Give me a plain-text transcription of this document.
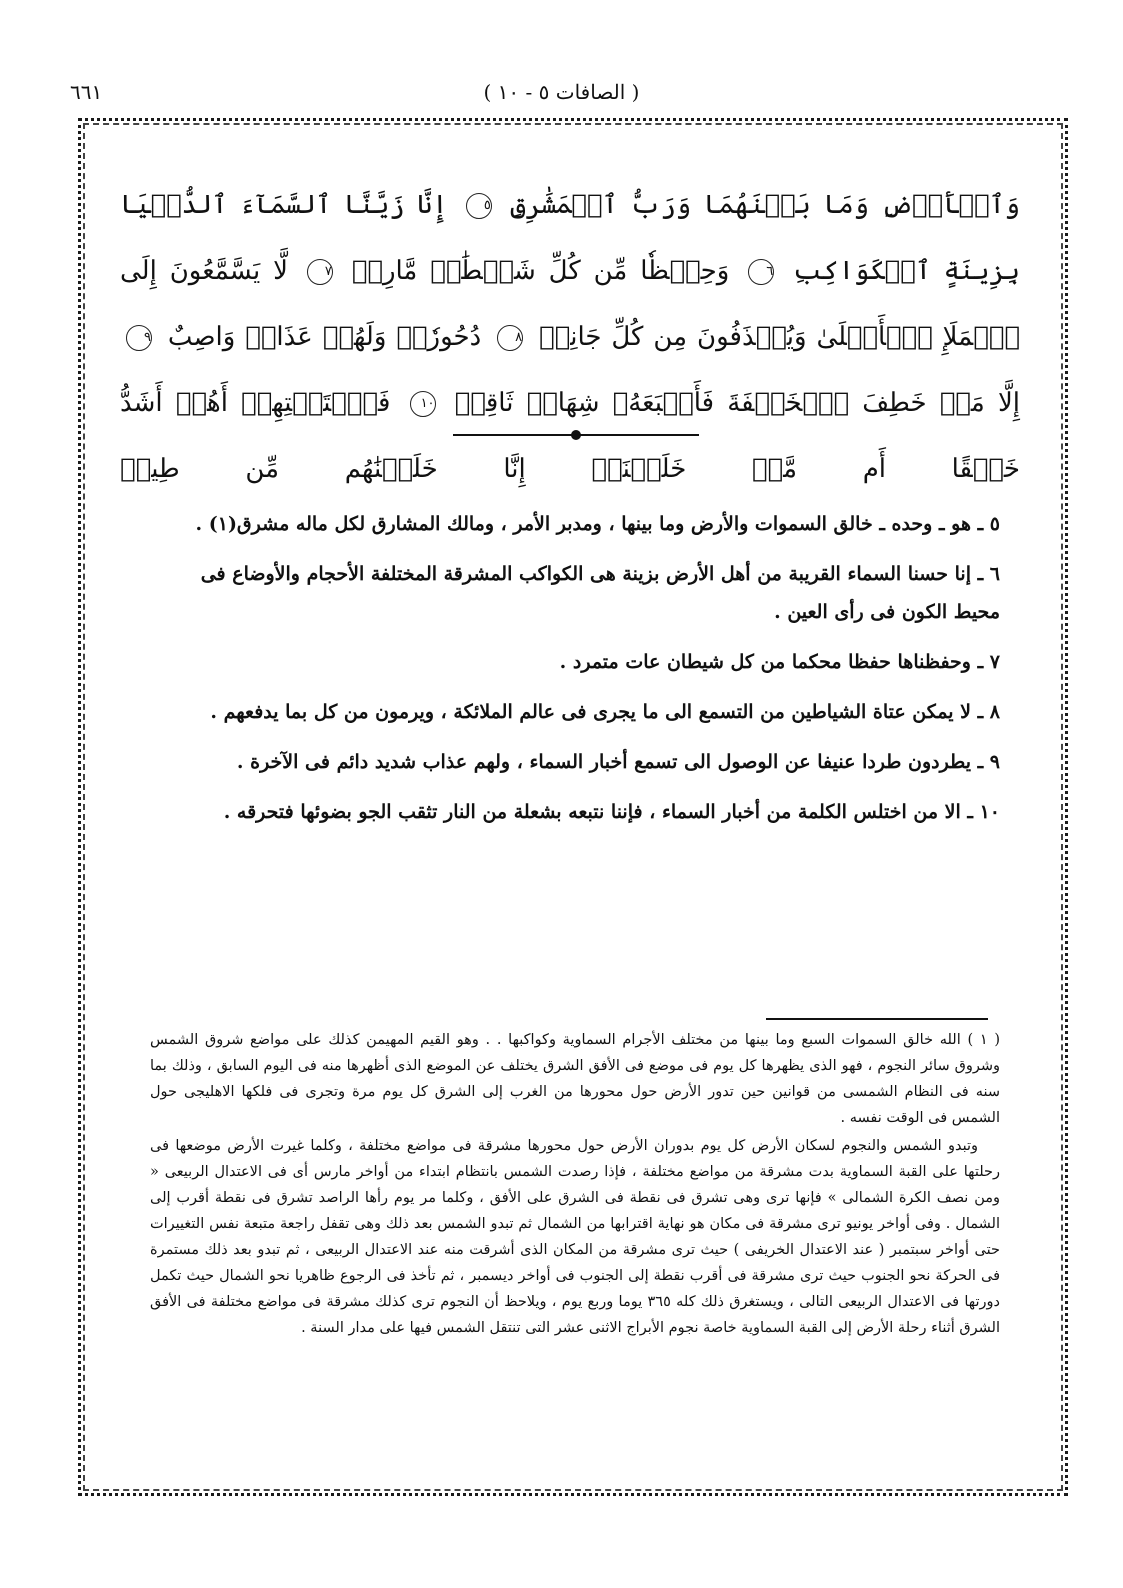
٦٦١	( الصافات ٥ - ١٠ )
وَٱلۡأَرۡضِ وَمَا بَيۡنَهُمَا وَرَبُّ ٱلۡمَشَٰرِقِ ٥ إِنَّا زَيَّنَّا ٱلسَّمَآءَ ٱلدُّنۡيَا بِزِينَةٍ ٱلۡكَوَاكِبِ ٦ وَحِفۡظٗا مِّن كُلِّ شَيۡطَٰنٖ مَّارِدٖ ٧ لَّا يَسَّمَّعُونَ إِلَى ٱلۡمَلَإِ ٱلۡأَعۡلَىٰ وَيُقۡذَفُونَ مِن كُلِّ جَانِبٖ ٨ دُحُورٗاۖ وَلَهُمۡ عَذَابٞ وَاصِبٌ ٩ إِلَّا مَنۡ خَطِفَ ٱلۡخَطۡفَةَ فَأَتۡبَعَهُۥ شِهَابٞ ثَاقِبٞ ١٠ فَٱسۡتَفۡتِهِمۡ أَهُمۡ أَشَدُّ خَلۡقًا أَم مَّنۡ خَلَقۡنَآۚ إِنَّا خَلَقۡنَٰهُم مِّن طِينٖ

٥ ـ هو ـ وحده ـ خالق السموات والأرض وما بينها ، ومدبر الأمر ، ومالك المشارق لكل ماله مشرق(١) .

٦ ـ إنا حسنا السماء القريبة من أهل الأرض بزينة هى الكواكب المشرقة المختلفة الأحجام والأوضاع فى محيط الكون فى رأى العين .

٧ ـ وحفظناها حفظا محكما من كل شيطان عات متمرد .

٨ ـ لا يمكن عتاة الشياطين من التسمع الى ما يجرى فى عالم الملائكة ، ويرمون من كل بما يدفعهم .

٩ ـ يطردون طردا عنيفا عن الوصول الى تسمع أخبار السماء ، ولهم عذاب شديد دائم فى الآخرة .

١٠ ـ الا من اختلس الكلمة من أخبار السماء ، فإننا نتبعه بشعلة من النار تثقب الجو بضوئها فتحرقه .

( ١ ) الله خالق السموات السبع وما بينها من مختلف الأجرام السماوية وكواكبها . . وهو القيم المهيمن كذلك على مواضع شروق الشمس وشروق سائر النجوم ، فهو الذى يظهرها كل يوم فى موضع فى الأفق الشرق يختلف عن الموضع الذى أظهرها منه فى اليوم السابق ، وذلك بما سنه فى النظام الشمسى من قوانين حين تدور الأرض حول محورها من الغرب إلى الشرق كل يوم مرة وتجرى فى فلكها الاهليجى حول الشمس فى الوقت نفسه .

وتبدو الشمس والنجوم لسكان الأرض كل يوم بدوران الأرض حول محورها مشرقة فى مواضع مختلفة ، وكلما غيرت الأرض موضعها فى رحلتها على القبة السماوية بدت مشرقة من مواضع مختلفة ، فإذا رصدت الشمس بانتظام ابتداء من أواخر مارس أى فى الاعتدال الربيعى « ومن نصف الكرة الشمالى » فإنها ترى وهى تشرق فى نقطة فى الشرق على الأفق ، وكلما مر يوم رأها الراصد تشرق فى نقطة أقرب إلى الشمال . وفى أواخر يونيو ترى مشرقة فى مكان هو نهاية اقترابها من الشمال ثم تبدو الشمس بعد ذلك وهى تقفل راجعة متبعة نفس التغييرات حتى أواخر سبتمبر ( عند الاعتدال الخريفى ) حيث ترى مشرقة من المكان الذى أشرقت منه عند الاعتدال الربيعى ، ثم تبدو بعد ذلك مستمرة فى الحركة نحو الجنوب حيث ترى مشرقة فى أقرب نقطة إلى الجنوب فى أواخر ديسمبر ، ثم تأخذ فى الرجوع ظاهريا نحو الشمال حيث تكمل دورتها فى الاعتدال الربيعى التالى ، ويستغرق ذلك كله ٣٦٥ يوما وربع يوم ، ويلاحظ أن النجوم ترى كذلك مشرقة فى مواضع مختلفة فى الأفق الشرق أثناء رحلة الأرض إلى القبة السماوية خاصة نجوم الأبراج الاثنى عشر التى تنتقل الشمس فيها على مدار السنة .
